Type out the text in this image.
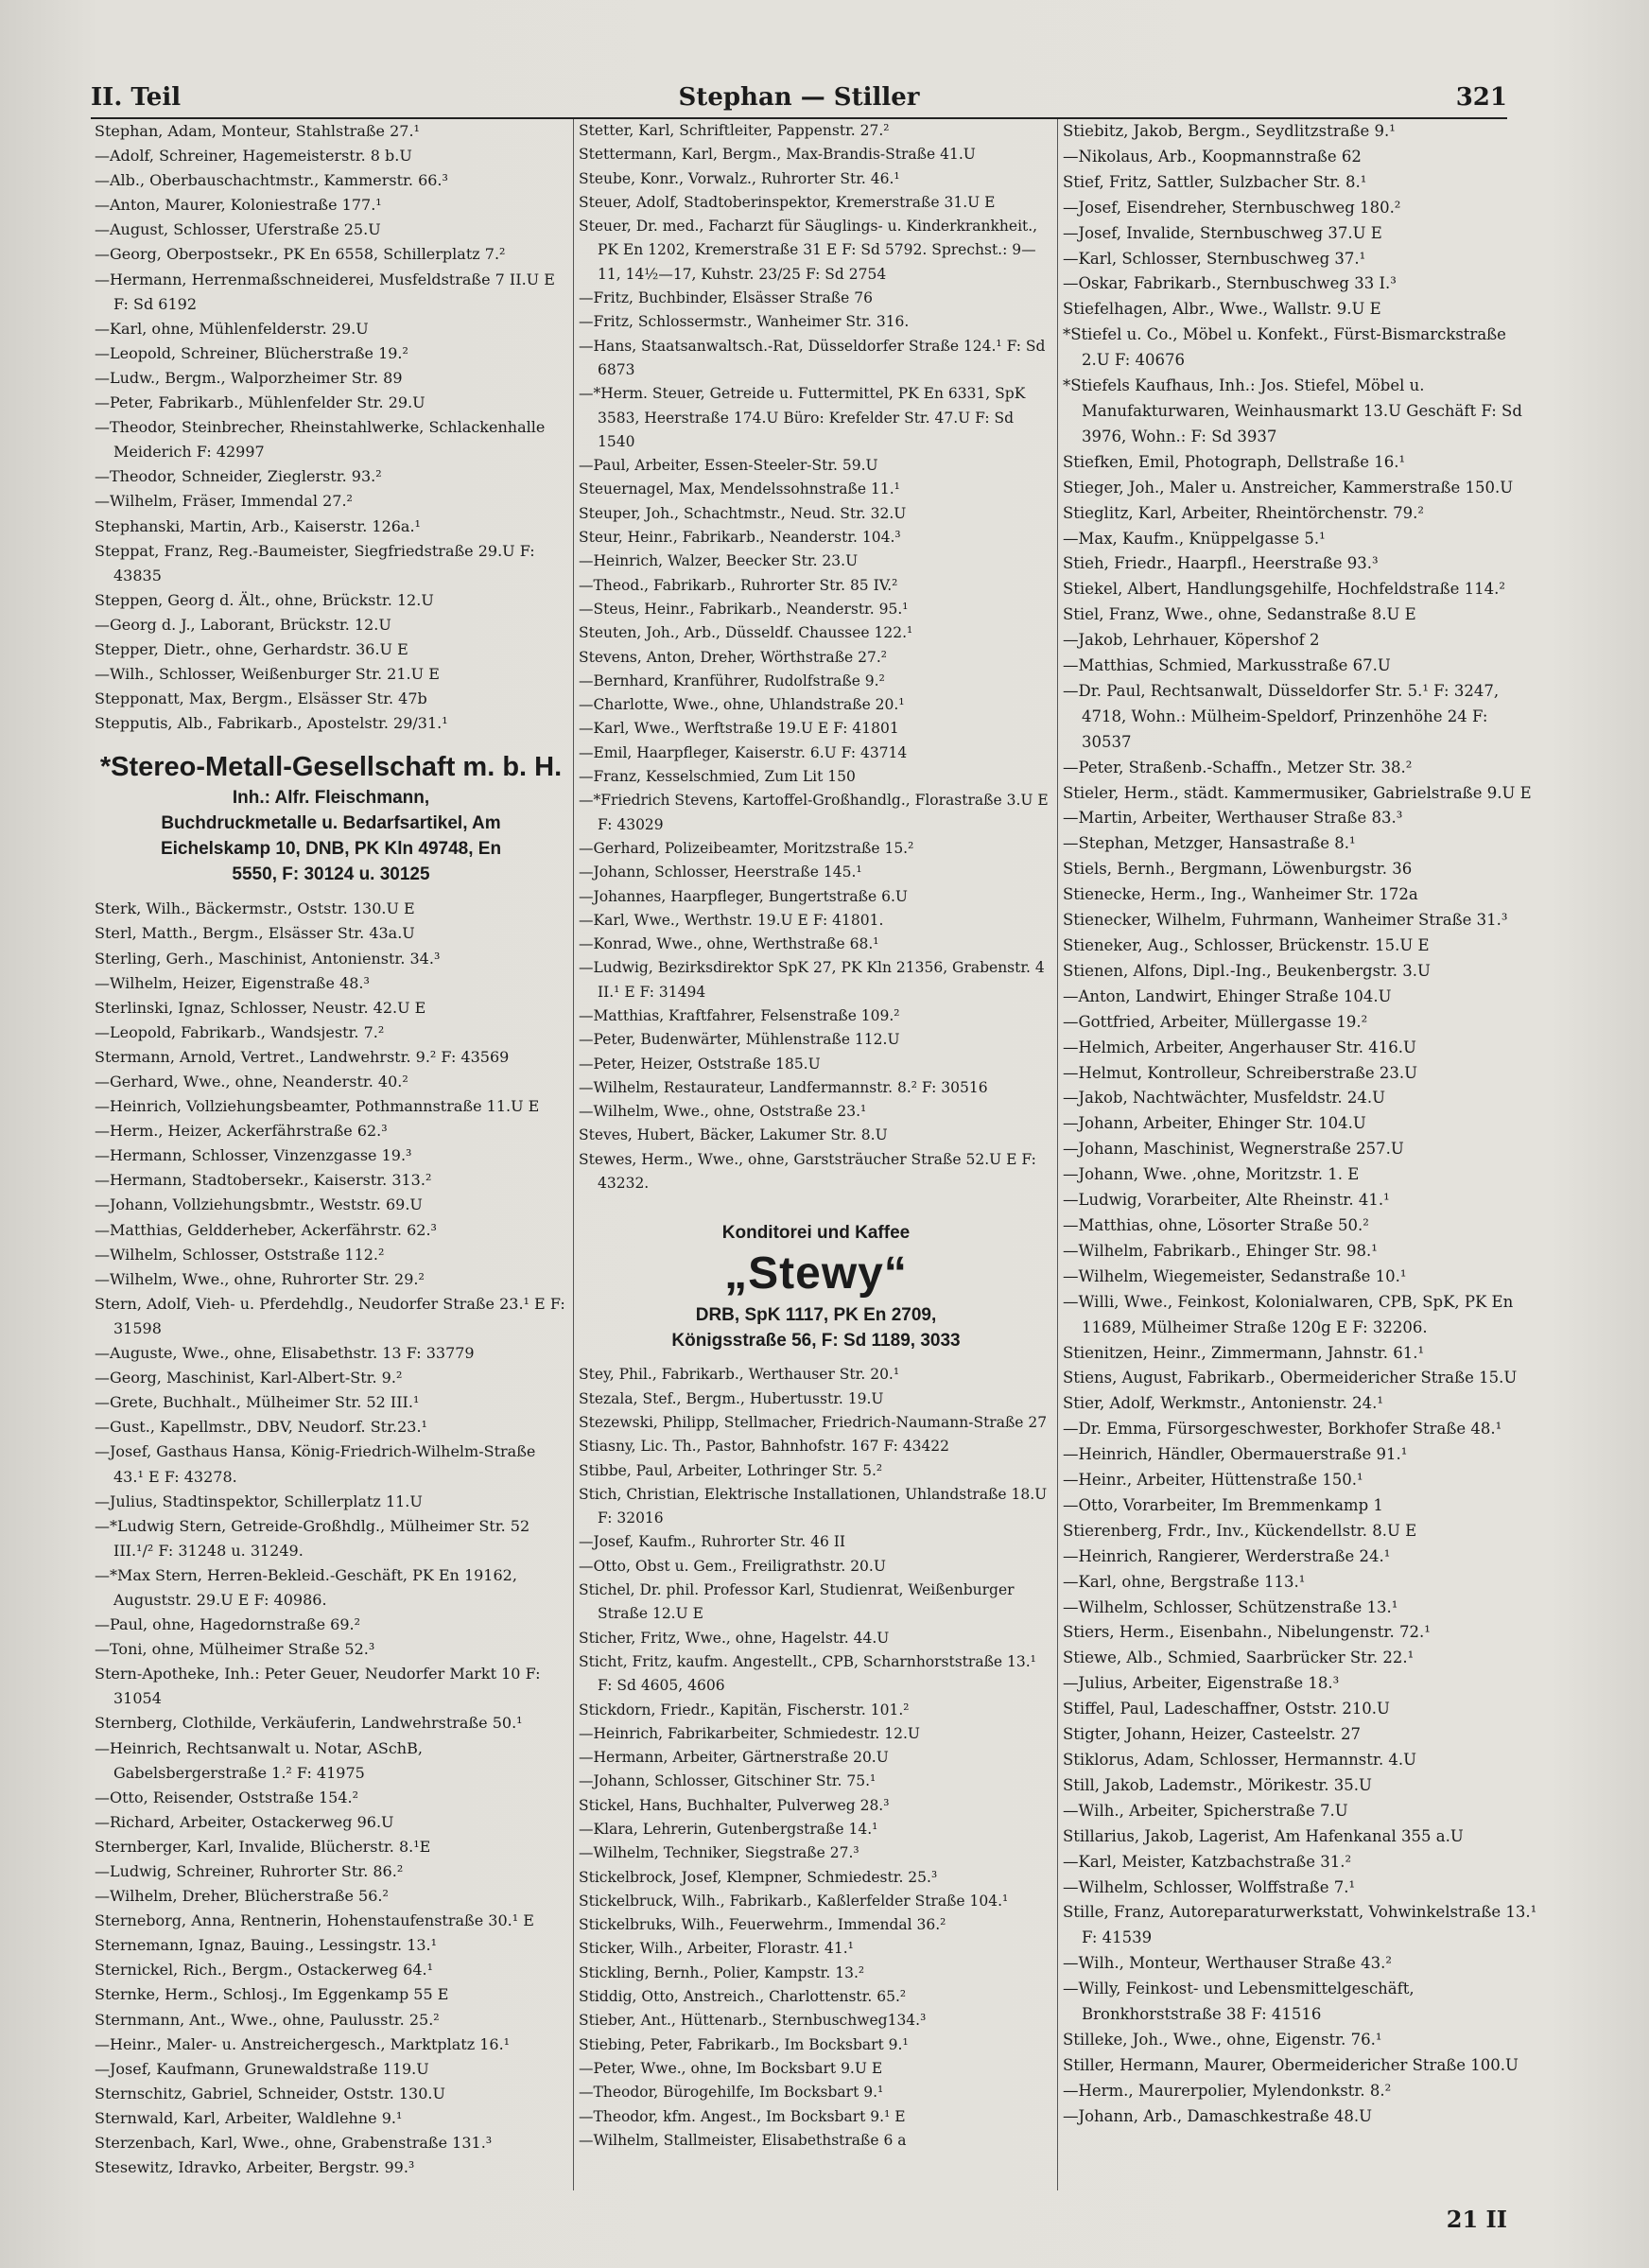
II. Teil	Stephan — Stiller	321
Stephan, Adam, Monteur, Stahlstraße 27.¹
—Adolf, Schreiner, Hagemeisterstr. 8 b.U
—Alb., Oberbauschachtmstr., Kammerstr. 66.³
—Anton, Maurer, Koloniestraße 177.¹
—August, Schlosser, Uferstraße 25.U
—Georg, Oberpostsekr., PK En 6558, Schillerplatz 7.²
—Hermann, Herrenmaßschneiderei, Musfeldstraße 7 II.U E F: Sd 6192
—Karl, ohne, Mühlenfelderstr. 29.U
—Leopold, Schreiner, Blücherstraße 19.²
—Ludw., Bergm., Walporzheimer Str. 89
—Peter, Fabrikarb., Mühlenfelder Str. 29.U
—Theodor, Steinbrecher, Rheinstahlwerke, Schlackenhalle Meiderich F: 42997
—Theodor, Schneider, Zieglerstr. 93.²
—Wilhelm, Fräser, Immendal 27.²
Stephanski, Martin, Arb., Kaiserstr. 126a.¹
Steppat, Franz, Reg.-Baumeister, Siegfriedstraße 29.U F: 43835
Steppen, Georg d. Ält., ohne, Brückstr. 12.U
—Georg d. J., Laborant, Brückstr. 12.U
Stepper, Dietr., ohne, Gerhardstr. 36.U E
—Wilh., Schlosser, Weißenburger Str. 21.U E
Stepponatt, Max, Bergm., Elsässer Str. 47b
Stepputis, Alb., Fabrikarb., Apostelstr. 29/31.¹
*Stereo-Metall-Gesellschaft m. b. H.
Inh.: Alfr. Fleischmann,
Buchdruckmetalle u. Bedarfsartikel, Am
Eichelskamp 10, DNB, PK Kln 49748, En
5550, F: 30124 u. 30125
Sterk, Wilh., Bäckermstr., Oststr. 130.U E
Sterl, Matth., Bergm., Elsässer Str. 43a.U
Sterling, Gerh., Maschinist, Antonienstr. 34.³
—Wilhelm, Heizer, Eigenstraße 48.³
Sterlinski, Ignaz, Schlosser, Neustr. 42.U E
—Leopold, Fabrikarb., Wandsjestr. 7.²
Stermann, Arnold, Vertret., Landwehrstr. 9.² F: 43569
—Gerhard, Wwe., ohne, Neanderstr. 40.²
—Heinrich, Vollziehungsbeamter, Pothmannstraße 11.U E
—Herm., Heizer, Ackerfährstraße 62.³
—Hermann, Schlosser, Vinzenzgasse 19.³
—Hermann, Stadtobersekr., Kaiserstr. 313.²
—Johann, Vollziehungsbmtr., Weststr. 69.U
—Matthias, Geldderheber, Ackerfährstr. 62.³
—Wilhelm, Schlosser, Oststraße 112.²
—Wilhelm, Wwe., ohne, Ruhrorter Str. 29.²
Stern, Adolf, Vieh- u. Pferdehdlg., Neudorfer Straße 23.¹ E F: 31598
—Auguste, Wwe., ohne, Elisabethstr. 13 F: 33779
—Georg, Maschinist, Karl-Albert-Str. 9.²
—Grete, Buchhalt., Mülheimer Str. 52 III.¹
—Gust., Kapellmstr., DBV, Neudorf. Str.23.¹
—Josef, Gasthaus Hansa, König-Friedrich-Wilhelm-Straße 43.¹ E F: 43278.
—Julius, Stadtinspektor, Schillerplatz 11.U
—*Ludwig Stern, Getreide-Großhdlg., Mülheimer Str. 52 III.¹/² F: 31248 u. 31249.
—*Max Stern, Herren-Bekleid.-Geschäft, PK En 19162, Auguststr. 29.U E F: 40986.
—Paul, ohne, Hagedornstraße 69.²
—Toni, ohne, Mülheimer Straße 52.³
Stern-Apotheke, Inh.: Peter Geuer, Neudorfer Markt 10 F: 31054
Sternberg, Clothilde, Verkäuferin, Landwehrstraße 50.¹
—Heinrich, Rechtsanwalt u. Notar, ASchB, Gabelsbergerstraße 1.² F: 41975
—Otto, Reisender, Oststraße 154.²
—Richard, Arbeiter, Ostackerweg 96.U
Sternberger, Karl, Invalide, Blücherstr. 8.¹E
—Ludwig, Schreiner, Ruhrorter Str. 86.²
—Wilhelm, Dreher, Blücherstraße 56.²
Sterneborg, Anna, Rentnerin, Hohenstaufenstraße 30.¹ E
Sternemann, Ignaz, Bauing., Lessingstr. 13.¹
Sternickel, Rich., Bergm., Ostackerweg 64.¹
Sternke, Herm., Schlosj., Im Eggenkamp 55 E
Sternmann, Ant., Wwe., ohne, Paulusstr. 25.²
—Heinr., Maler- u. Anstreichergesch., Marktplatz 16.¹
—Josef, Kaufmann, Grunewaldstraße 119.U
Sternschitz, Gabriel, Schneider, Oststr. 130.U
Sternwald, Karl, Arbeiter, Waldlehne 9.¹
Sterzenbach, Karl, Wwe., ohne, Grabenstraße 131.³
Stesewitz, Idravko, Arbeiter, Bergstr. 99.³
Stetter, Karl, Schriftleiter, Pappenstr. 27.²
Stettermann, Karl, Bergm., Max-Brandis-Straße 41.U
Steube, Konr., Vorwalz., Ruhrorter Str. 46.¹
Steuer, Adolf, Stadtoberinspektor, Kremerstraße 31.U E
Steuer, Dr. med., Facharzt für Säuglings- u. Kinderkrankheit., PK En 1202, Kremerstraße 31 E F: Sd 5792. Sprechst.: 9—11, 14½—17, Kuhstr. 23/25 F: Sd 2754
—Fritz, Buchbinder, Elsässer Straße 76
—Fritz, Schlossermstr., Wanheimer Str. 316.
—Hans, Staatsanwaltsch.-Rat, Düsseldorfer Straße 124.¹ F: Sd 6873
—*Herm. Steuer, Getreide u. Futtermittel, PK En 6331, SpK 3583, Heerstraße 174.U Büro: Krefelder Str. 47.U F: Sd 1540
—Paul, Arbeiter, Essen-Steeler-Str. 59.U
Steuernagel, Max, Mendelssohnstraße 11.¹
Steuper, Joh., Schachtmstr., Neud. Str. 32.U
Steur, Heinr., Fabrikarb., Neanderstr. 104.³
—Heinrich, Walzer, Beecker Str. 23.U
—Theod., Fabrikarb., Ruhrorter Str. 85 IV.²
—Steus, Heinr., Fabrikarb., Neanderstr. 95.¹
Steuten, Joh., Arb., Düsseldf. Chaussee 122.¹
Stevens, Anton, Dreher, Wörthstraße 27.²
—Bernhard, Kranführer, Rudolfstraße 9.²
—Charlotte, Wwe., ohne, Uhlandstraße 20.¹
—Karl, Wwe., Werftstraße 19.U E F: 41801
—Emil, Haarpfleger, Kaiserstr. 6.U F: 43714
—Franz, Kesselschmied, Zum Lit 150
—*Friedrich Stevens, Kartoffel-Großhandlg., Florastraße 3.U E F: 43029
—Gerhard, Polizeibeamter, Moritzstraße 15.²
—Johann, Schlosser, Heerstraße 145.¹
—Johannes, Haarpfleger, Bungertstraße 6.U
—Karl, Wwe., Werthstr. 19.U E F: 41801.
—Konrad, Wwe., ohne, Werthstraße 68.¹
—Ludwig, Bezirksdirektor SpK 27, PK Kln 21356, Grabenstr. 4 II.¹ E F: 31494
—Matthias, Kraftfahrer, Felsenstraße 109.²
—Peter, Budenwärter, Mühlenstraße 112.U
—Peter, Heizer, Oststraße 185.U
—Wilhelm, Restaurateur, Landfermannstr. 8.² F: 30516
—Wilhelm, Wwe., ohne, Oststraße 23.¹
Steves, Hubert, Bäcker, Lakumer Str. 8.U
Stewes, Herm., Wwe., ohne, Garststräucher Straße 52.U E F: 43232.
Konditorei und Kaffee
„Stewy“
DRB, SpK 1117, PK En 2709,
Königsstraße 56, F: Sd 1189, 3033
Stey, Phil., Fabrikarb., Werthauser Str. 20.¹
Stezala, Stef., Bergm., Hubertusstr. 19.U
Stezewski, Philipp, Stellmacher, Friedrich-Naumann-Straße 27
Stiasny, Lic. Th., Pastor, Bahnhofstr. 167 F: 43422
Stibbe, Paul, Arbeiter, Lothringer Str. 5.²
Stich, Christian, Elektrische Installationen, Uhlandstraße 18.U F: 32016
—Josef, Kaufm., Ruhrorter Str. 46 II
—Otto, Obst u. Gem., Freiligrathstr. 20.U
Stichel, Dr. phil. Professor Karl, Studienrat, Weißenburger Straße 12.U E
Sticher, Fritz, Wwe., ohne, Hagelstr. 44.U
Sticht, Fritz, kaufm. Angestellt., CPB, Scharnhorststraße 13.¹ F: Sd 4605, 4606
Stickdorn, Friedr., Kapitän, Fischerstr. 101.²
—Heinrich, Fabrikarbeiter, Schmiedestr. 12.U
—Hermann, Arbeiter, Gärtnerstraße 20.U
—Johann, Schlosser, Gitschiner Str. 75.¹
Stickel, Hans, Buchhalter, Pulverweg 28.³
—Klara, Lehrerin, Gutenbergstraße 14.¹
—Wilhelm, Techniker, Siegstraße 27.³
Stickelbrock, Josef, Klempner, Schmiedestr. 25.³
Stickelbruck, Wilh., Fabrikarb., Kaßlerfelder Straße 104.¹
Stickelbruks, Wilh., Feuerwehrm., Immendal 36.²
Sticker, Wilh., Arbeiter, Florastr. 41.¹
Stickling, Bernh., Polier, Kampstr. 13.²
Stiddig, Otto, Anstreich., Charlottenstr. 65.²
Stieber, Ant., Hüttenarb., Sternbuschweg134.³
Stiebing, Peter, Fabrikarb., Im Bocksbart 9.¹
—Peter, Wwe., ohne, Im Bocksbart 9.U E
—Theodor, Bürogehilfe, Im Bocksbart 9.¹
—Theodor, kfm. Angest., Im Bocksbart 9.¹ E
—Wilhelm, Stallmeister, Elisabethstraße 6 a
Stiebitz, Jakob, Bergm., Seydlitzstraße 9.¹
—Nikolaus, Arb., Koopmannstraße 62
Stief, Fritz, Sattler, Sulzbacher Str. 8.¹
—Josef, Eisendreher, Sternbuschweg 180.²
—Josef, Invalide, Sternbuschweg 37.U E
—Karl, Schlosser, Sternbuschweg 37.¹
—Oskar, Fabrikarb., Sternbuschweg 33 I.³
Stiefelhagen, Albr., Wwe., Wallstr. 9.U E
*Stiefel u. Co., Möbel u. Konfekt., Fürst-Bismarckstraße 2.U F: 40676
*Stiefels Kaufhaus, Inh.: Jos. Stiefel, Möbel u. Manufakturwaren, Weinhausmarkt 13.U Geschäft F: Sd 3976, Wohn.: F: Sd 3937
Stiefken, Emil, Photograph, Dellstraße 16.¹
Stieger, Joh., Maler u. Anstreicher, Kammerstraße 150.U
Stieglitz, Karl, Arbeiter, Rheintörchenstr. 79.²
—Max, Kaufm., Knüppelgasse 5.¹
Stieh, Friedr., Haarpfl., Heerstraße 93.³
Stiekel, Albert, Handlungsgehilfe, Hochfeldstraße 114.²
Stiel, Franz, Wwe., ohne, Sedanstraße 8.U E
—Jakob, Lehrhauer, Köpershof 2
—Matthias, Schmied, Markusstraße 67.U
—Dr. Paul, Rechtsanwalt, Düsseldorfer Str. 5.¹ F: 3247, 4718, Wohn.: Mülheim-Speldorf, Prinzenhöhe 24 F: 30537
—Peter, Straßenb.-Schaffn., Metzer Str. 38.²
Stieler, Herm., städt. Kammermusiker, Gabrielstraße 9.U E
—Martin, Arbeiter, Werthauser Straße 83.³
—Stephan, Metzger, Hansastraße 8.¹
Stiels, Bernh., Bergmann, Löwenburgstr. 36
Stienecke, Herm., Ing., Wanheimer Str. 172a
Stienecker, Wilhelm, Fuhrmann, Wanheimer Straße 31.³
Stieneker, Aug., Schlosser, Brückenstr. 15.U E
Stienen, Alfons, Dipl.-Ing., Beukenbergstr. 3.U
—Anton, Landwirt, Ehinger Straße 104.U
—Gottfried, Arbeiter, Müllergasse 19.²
—Helmich, Arbeiter, Angerhauser Str. 416.U
—Helmut, Kontrolleur, Schreiberstraße 23.U
—Jakob, Nachtwächter, Musfeldstr. 24.U
—Johann, Arbeiter, Ehinger Str. 104.U
—Johann, Maschinist, Wegnerstraße 257.U
—Johann, Wwe. ,ohne, Moritzstr. 1. E
—Ludwig, Vorarbeiter, Alte Rheinstr. 41.¹
—Matthias, ohne, Lösorter Straße 50.²
—Wilhelm, Fabrikarb., Ehinger Str. 98.¹
—Wilhelm, Wiegemeister, Sedanstraße 10.¹
—Willi, Wwe., Feinkost, Kolonialwaren, CPB, SpK, PK En 11689, Mülheimer Straße 120g E F: 32206.
Stienitzen, Heinr., Zimmermann, Jahnstr. 61.¹
Stiens, August, Fabrikarb., Obermeidericher Straße 15.U
Stier, Adolf, Werkmstr., Antonienstr. 24.¹
—Dr. Emma, Fürsorgeschwester, Borkhofer Straße 48.¹
—Heinrich, Händler, Obermauerstraße 91.¹
—Heinr., Arbeiter, Hüttenstraße 150.¹
—Otto, Vorarbeiter, Im Bremmenkamp 1
Stierenberg, Frdr., Inv., Kückendellstr. 8.U E
—Heinrich, Rangierer, Werderstraße 24.¹
—Karl, ohne, Bergstraße 113.¹
—Wilhelm, Schlosser, Schützenstraße 13.¹
Stiers, Herm., Eisenbahn., Nibelungenstr. 72.¹
Stiewe, Alb., Schmied, Saarbrücker Str. 22.¹
—Julius, Arbeiter, Eigenstraße 18.³
Stiffel, Paul, Ladeschaffner, Oststr. 210.U
Stigter, Johann, Heizer, Casteelstr. 27
Stiklorus, Adam, Schlosser, Hermannstr. 4.U
Still, Jakob, Lademstr., Mörikestr. 35.U
—Wilh., Arbeiter, Spicherstraße 7.U
Stillarius, Jakob, Lagerist, Am Hafenkanal 355 a.U
—Karl, Meister, Katzbachstraße 31.²
—Wilhelm, Schlosser, Wolffstraße 7.¹
Stille, Franz, Autoreparaturwerkstatt, Vohwinkelstraße 13.¹ F: 41539
—Wilh., Monteur, Werthauser Straße 43.²
—Willy, Feinkost- und Lebensmittelgeschäft, Bronkhorststraße 38 F: 41516
Stilleke, Joh., Wwe., ohne, Eigenstr. 76.¹
Stiller, Hermann, Maurer, Obermeidericher Straße 100.U
—Herm., Maurerpolier, Mylendonkstr. 8.²
—Johann, Arb., Damaschkestraße 48.U
21 II
